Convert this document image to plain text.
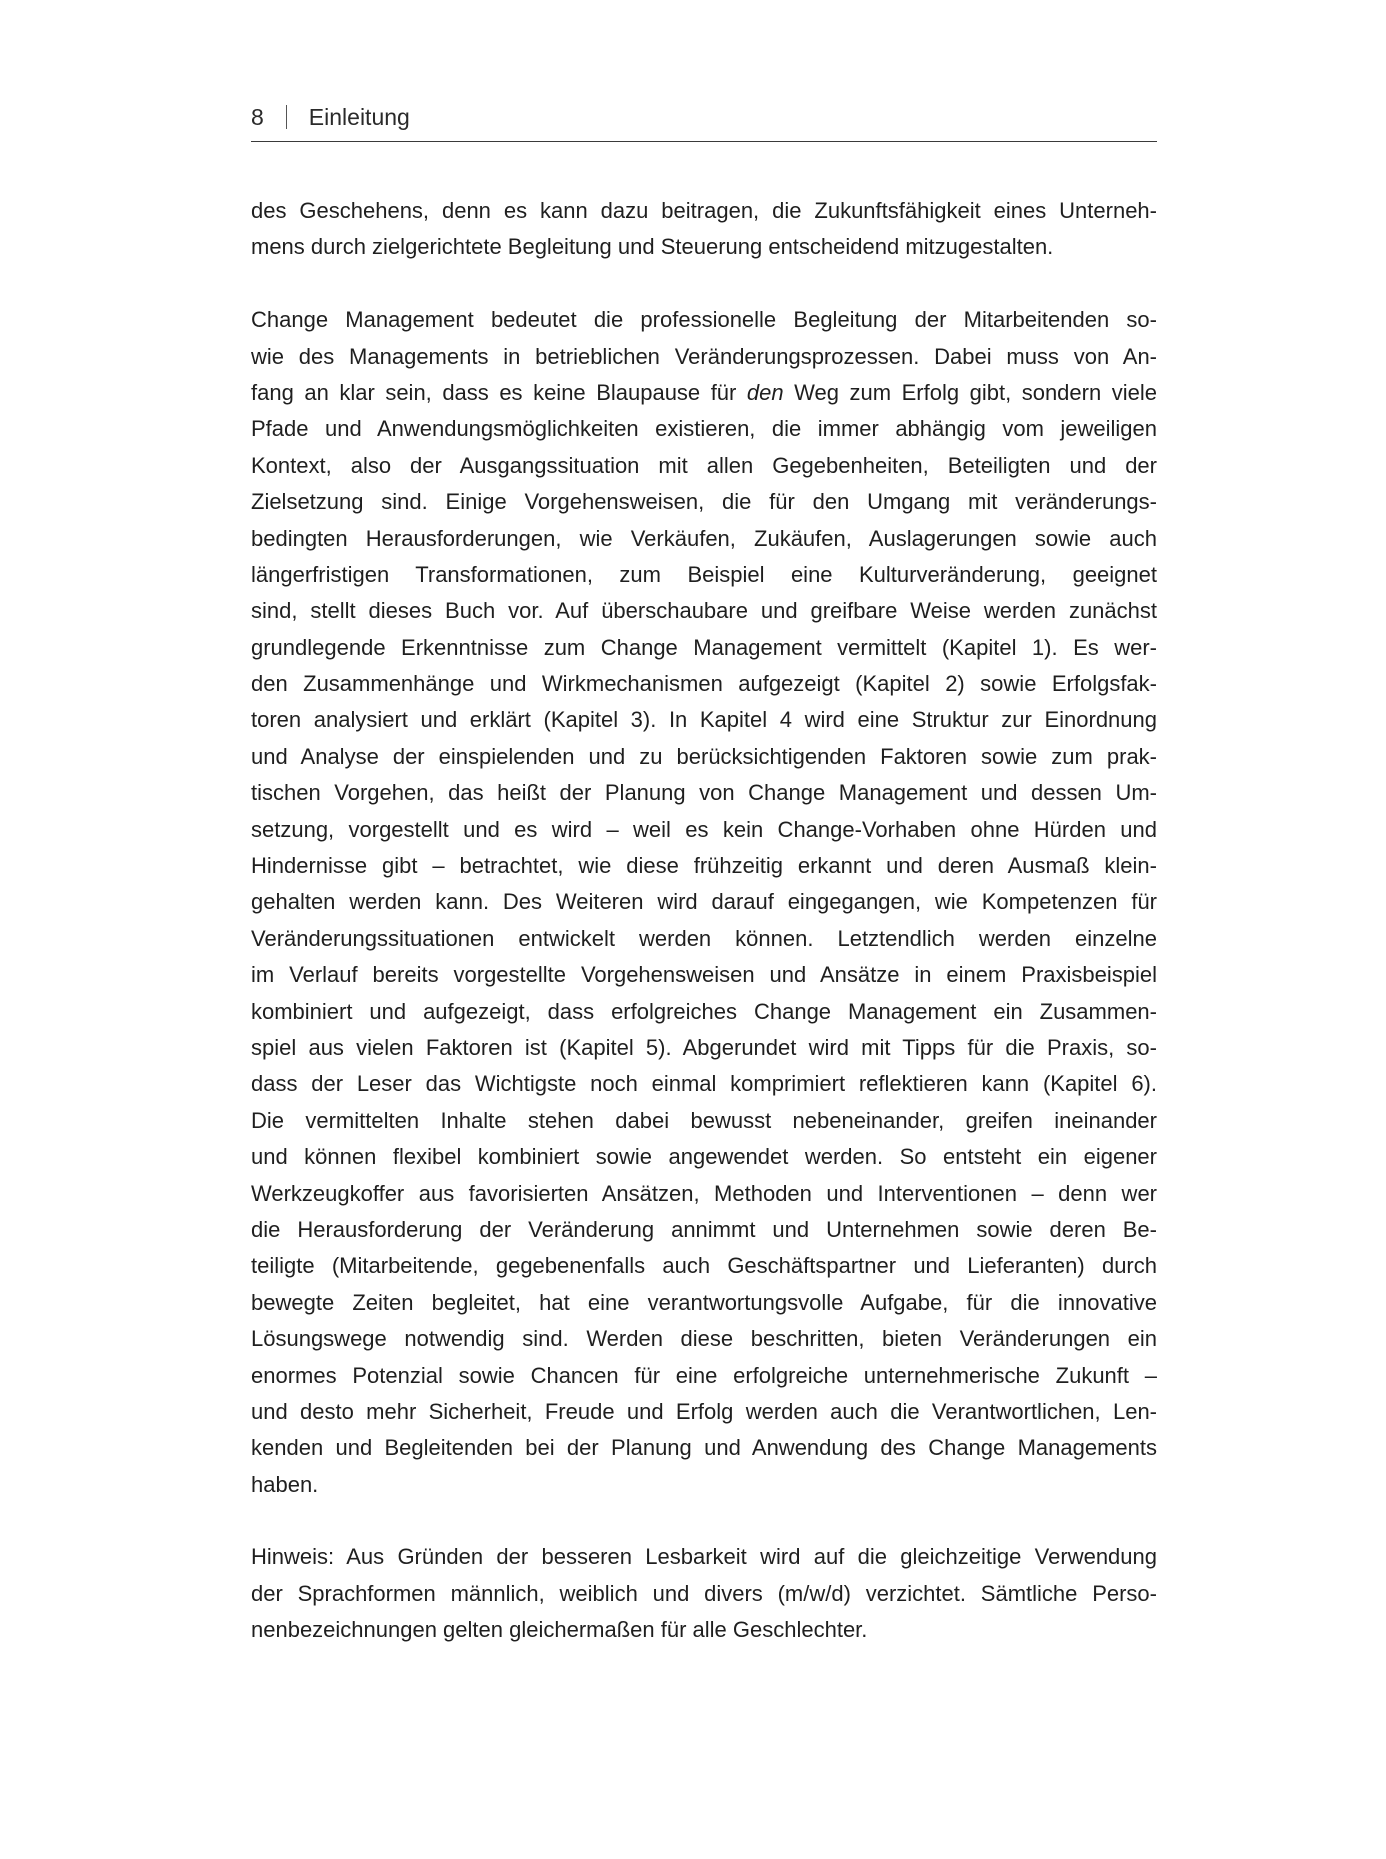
8 Einleitung
des Geschehens, denn es kann dazu beitragen, die Zukunftsfähigkeit eines Unterneh-
mens durch zielgerichtete Begleitung und Steuerung entscheidend mitzugestalten.
Change Management bedeutet die professionelle Begleitung der Mitarbeitenden so-
wie des Managements in betrieblichen Veränderungsprozessen. Dabei muss von An-
fang an klar sein, dass es keine Blaupause für den Weg zum Erfolg gibt, sondern viele
Pfade und Anwendungsmöglichkeiten existieren, die immer abhängig vom jeweiligen
Kontext, also der Ausgangssituation mit allen Gegebenheiten, Beteiligten und der
Zielsetzung sind. Einige Vorgehensweisen, die für den Umgang mit veränderungs-
bedingten Herausforderungen, wie Verkäufen, Zukäufen, Auslagerungen sowie auch
längerfristigen Transformationen, zum Beispiel eine Kulturveränderung, geeignet
sind, stellt dieses Buch vor. Auf überschaubare und greifbare Weise werden zunächst
grundlegende Erkenntnisse zum Change Management vermittelt (Kapitel 1). Es wer-
den Zusammenhänge und Wirkmechanismen aufgezeigt (Kapitel 2) sowie Erfolgsfak-
toren analysiert und erklärt (Kapitel 3). In Kapitel 4 wird eine Struktur zur Einordnung
und Analyse der einspielenden und zu berücksichtigenden Faktoren sowie zum prak-
tischen Vorgehen, das heißt der Planung von Change Management und dessen Um-
setzung, vorgestellt und es wird – weil es kein Change-Vorhaben ohne Hürden und
Hindernisse gibt – betrachtet, wie diese frühzeitig erkannt und deren Ausmaß klein-
gehalten werden kann. Des Weiteren wird darauf eingegangen, wie Kompetenzen für
Veränderungssituationen entwickelt werden können. Letztendlich werden einzelne
im Verlauf bereits vorgestellte Vorgehensweisen und Ansätze in einem Praxisbeispiel
kombiniert und aufgezeigt, dass erfolgreiches Change Management ein Zusammen-
spiel aus vielen Faktoren ist (Kapitel 5). Abgerundet wird mit Tipps für die Praxis, so-
dass der Leser das Wichtigste noch einmal komprimiert reflektieren kann (Kapitel 6).
Die vermittelten Inhalte stehen dabei bewusst nebeneinander, greifen ineinander
und können flexibel kombiniert sowie angewendet werden. So entsteht ein eigener
Werkzeugkoffer aus favorisierten Ansätzen, Methoden und Interventionen – denn wer
die Herausforderung der Veränderung annimmt und Unternehmen sowie deren Be-
teiligte (Mitarbeitende, gegebenenfalls auch Geschäftspartner und Lieferanten) durch
bewegte Zeiten begleitet, hat eine verantwortungsvolle Aufgabe, für die innovative
Lösungswege notwendig sind. Werden diese beschritten, bieten Veränderungen ein
enormes Potenzial sowie Chancen für eine erfolgreiche unternehmerische Zukunft –
und desto mehr Sicherheit, Freude und Erfolg werden auch die Verantwortlichen, Len-
kenden und Begleitenden bei der Planung und Anwendung des Change Managements
haben.
Hinweis: Aus Gründen der besseren Lesbarkeit wird auf die gleichzeitige Verwendung
der Sprachformen männlich, weiblich und divers (m/w/d) verzichtet. Sämtliche Perso-
nenbezeichnungen gelten gleichermaßen für alle Geschlechter.
